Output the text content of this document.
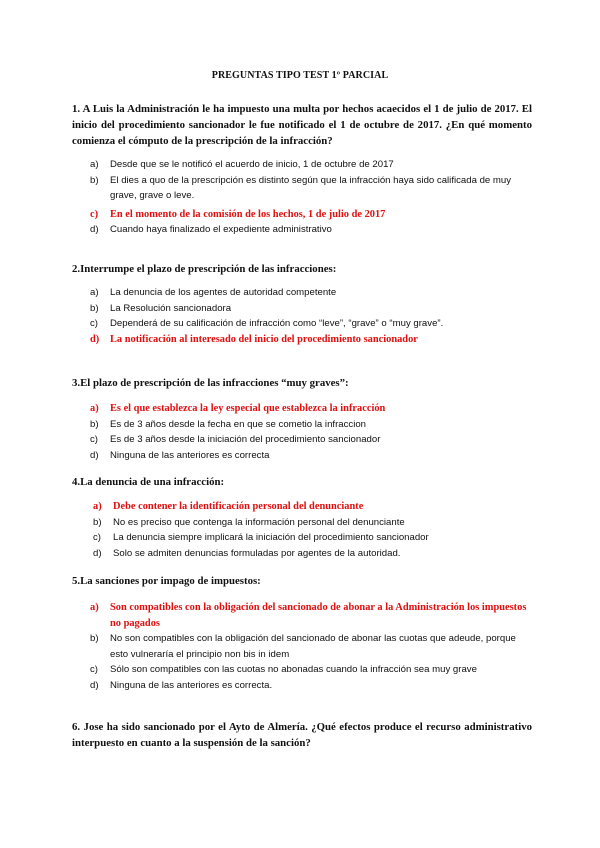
PREGUNTAS TIPO TEST 1º PARCIAL
1. A Luis la Administración le ha impuesto una multa por hechos acaecidos el 1 de julio de 2017. El inicio del procedimiento sancionador le fue notificado el 1 de octubre de 2017. ¿En qué momento comienza el cómputo de la prescripción de la infracción?
a) Desde que se le notificó el acuerdo de inicio, 1 de octubre de 2017
b) El dies a quo de la prescripción es distinto según que la infracción haya sido calificada de muy grave, grave o leve.
c) En el momento de la comisión de los hechos, 1 de julio de 2017
d) Cuando haya finalizado el expediente administrativo
2.Interrumpe el plazo de prescripción de las infracciones:
a) La denuncia de los agentes de autoridad competente
b) La Resolución sancionadora
c) Dependerá de su calificación de infracción como “leve”, “grave” o “muy grave”.
d) La notificación al interesado del inicio del procedimiento sancionador
3.El plazo de prescripción de las infracciones “muy graves”:
a) Es el que establezca la ley especial que establezca la infracción
b) Es de 3 años desde la fecha en que se cometio la infraccion
c) Es de 3 años desde la iniciación del procedimiento sancionador
d) Ninguna de las anteriores es correcta
4.La denuncia de una infracción:
a) Debe contener la identificación personal del denunciante
b) No es preciso que contenga la información personal del denunciante
c) La denuncia siempre implicará la iniciación del procedimiento sancionador
d) Solo se admiten denuncias formuladas por agentes de la autoridad.
5.La sanciones por impago de impuestos:
a) Son compatibles con la obligación del sancionado de abonar a la Administración los impuestos no pagados
b) No son compatibles con la obligación del sancionado de abonar las cuotas que adeude, porque esto vulneraría el principio non bis in idem
c) Sólo son compatibles con las cuotas no abonadas cuando la infracción sea muy grave
d) Ninguna de las anteriores es correcta.
6. Jose ha sido sancionado por el Ayto de Almería. ¿Qué efectos produce el recurso administrativo interpuesto en cuanto a la suspensión de la sanción?
